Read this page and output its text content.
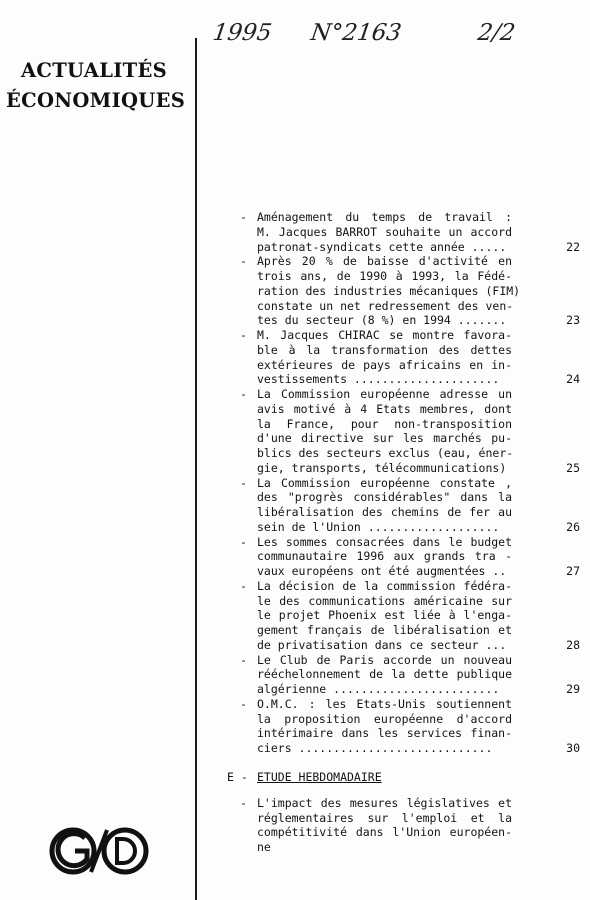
ACTUALITÉS
ÉCONOMIQUES
1995 N°2163	2/2
- Aménagement du temps de travail :
M. Jacques BARROT souhaite un accord
patronat-syndicats cette année .....	22
- Après 20 % de baisse d'activité en
trois ans, de 1990 à 1993, la Fédé-
ration des industries mécaniques (FIM)
constate un net redressement des ven-
tes du secteur (8 %) en 1994 .......	23
- M. Jacques CHIRAC se montre favora-
ble à la transformation des dettes
extérieures de pays africains en in-
vestissements .....................	24
- La Commission européenne adresse un
avis motivé à 4 Etats membres, dont
la France, pour non-transposition
d'une directive sur les marchés pu-
blics des secteurs exclus (eau, éner-
gie, transports, télécommunications)	25
- La Commission européenne constate ,
des "progrès considérables" dans la
libéralisation des chemins de fer au
sein de l'Union ...................	26
- Les sommes consacrées dans le budget
communautaire 1996 aux grands tra -
vaux européens ont été augmentées ..	27
- La décision de la commission fédéra-
le des communications américaine sur
le projet Phoenix est liée à l'enga-
gement français de libéralisation et
de privatisation dans ce secteur ...	28
- Le Club de Paris accorde un nouveau
rééchelonnement de la dette publique
algérienne ........................	29
- O.M.C. : les Etats-Unis soutiennent
la proposition européenne d'accord
intérimaire dans les services finan-
ciers ............................	30
E - ETUDE HEBDOMADAIRE
- L'impact des mesures législatives et
réglementaires sur l'emploi et la
compétitivité dans l'Union européen-
ne
